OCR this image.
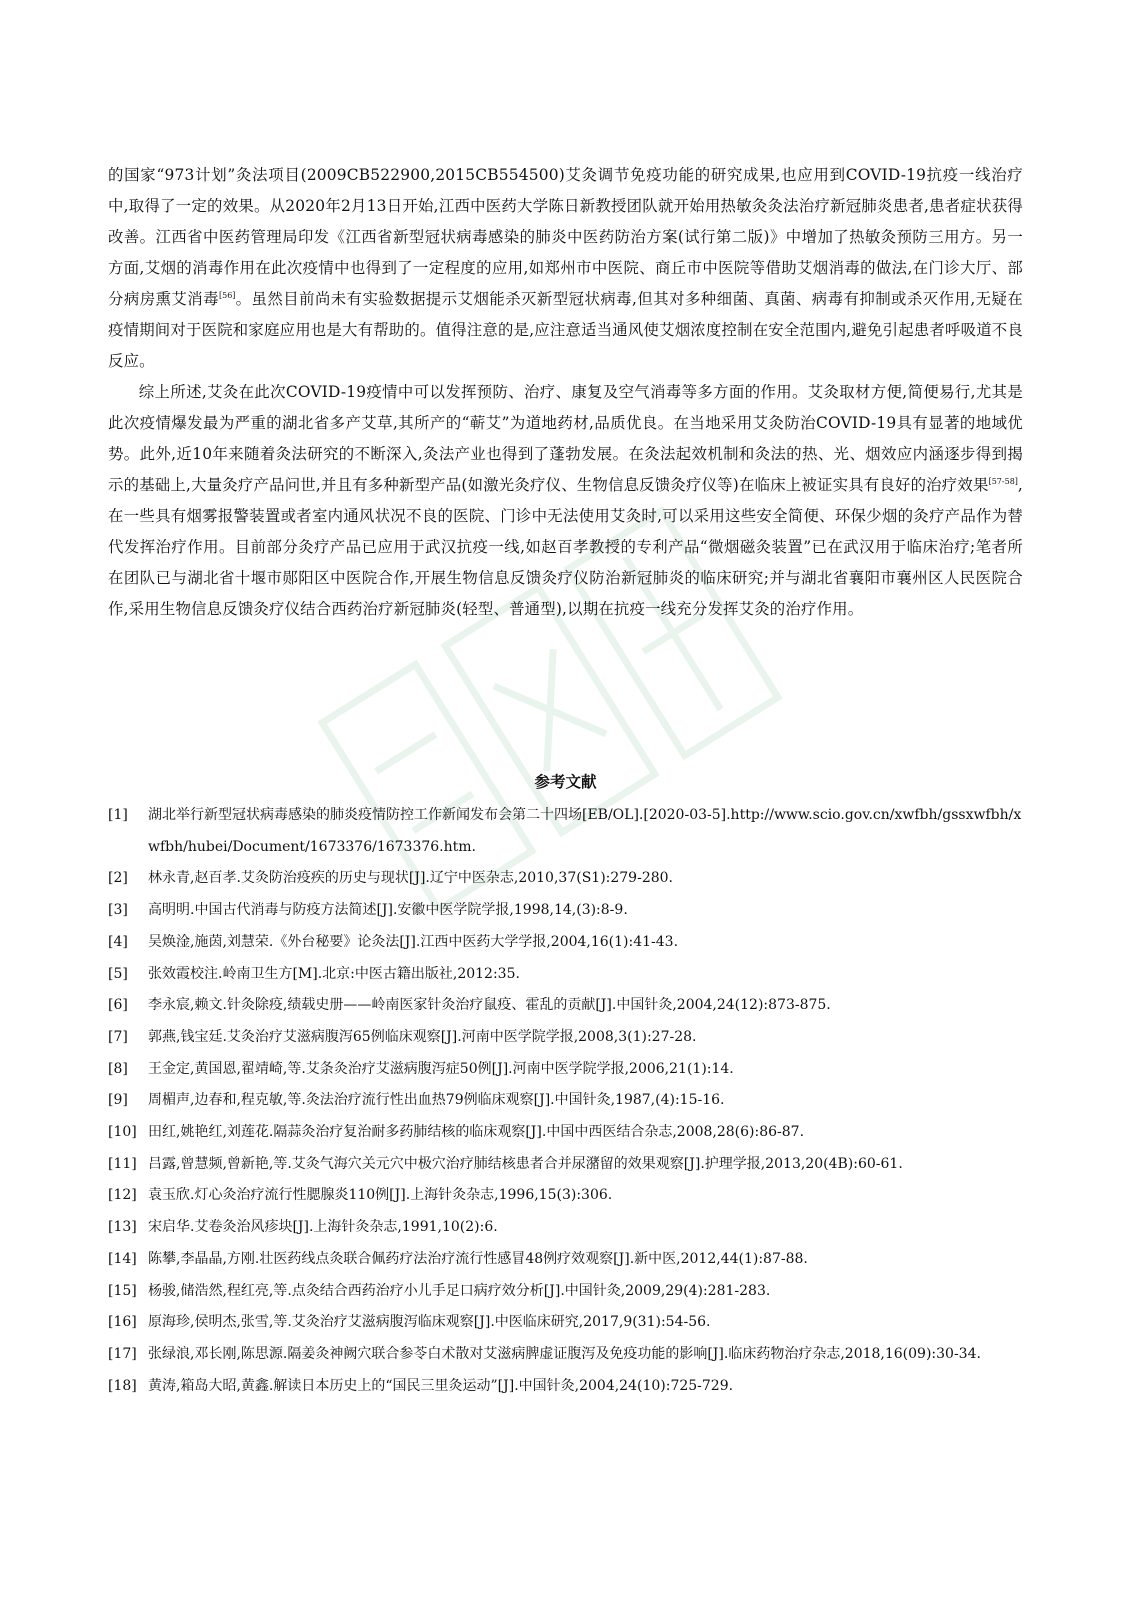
的国家“973计划”灸法项目(2009CB522900,2015CB554500)艾灸调节免疫功能的研究成果,也应用到COVID-19抗疫一线治疗中,取得了一定的效果。从2020年2月13日开始,江西中医药大学陈日新教授团队就开始用热敏灸灸法治疗新冠肺炎患者,患者症状获得改善。江西省中医药管理局印发《江西省新型冠状病毒感染的肺炎中医药防治方案(试行第二版)》中增加了热敏灸预防三用方。另一方面,艾烟的消毒作用在此次疫情中也得到了一定程度的应用,如郑州市中医院、商丘市中医院等借助艾烟消毒的做法,在门诊大厅、部分病房熏艾消毒[56]。虽然目前尚未有实验数据提示艾烟能杀灭新型冠状病毒,但其对多种细菌、真菌、病毒有抑制或杀灭作用,无疑在疫情期间对于医院和家庭应用也是大有帮助的。值得注意的是,应注意适当通风使艾烟浓度控制在安全范围内,避免引起患者呼吸道不良反应。

综上所述,艾灸在此次COVID-19疫情中可以发挥预防、治疗、康复及空气消毒等多方面的作用。艾灸取材方便,简便易行,尤其是此次疫情爆发最为严重的湖北省多产艾草,其所产的“蕲艾”为道地药材,品质优良。在当地采用艾灸防治COVID-19具有显著的地域优势。此外,近10年来随着灸法研究的不断深入,灸法产业也得到了蓬勃发展。在灸法起效机制和灸法的热、光、烟效应内涵逐步得到揭示的基础上,大量灸疗产品问世,并且有多种新型产品(如激光灸疗仪、生物信息反馈灸疗仪等)在临床上被证实具有良好的治疗效果[57-58],在一些具有烟雾报警装置或者室内通风状况不良的医院、门诊中无法使用艾灸时,可以采用这些安全简便、环保少烟的灸疗产品作为替代发挥治疗作用。目前部分灸疗产品已应用于武汉抗疫一线,如赵百孝教授的专利产品“微烟磁灸装置”已在武汉用于临床治疗;笔者所在团队已与湖北省十堰市郧阳区中医院合作,开展生物信息反馈灸疗仪防治新冠肺炎的临床研究;并与湖北省襄阳市襄州区人民医院合作,采用生物信息反馈灸疗仪结合西药治疗新冠肺炎(轻型、普通型),以期在抗疫一线充分发挥艾灸的治疗作用。

参考文献
[1]	湖北举行新型冠状病毒感染的肺炎疫情防控工作新闻发布会第二十四场[EB/OL].[2020-03-5].http://www.scio.gov.cn/xwfbh/gssxwfbh/xwfbh/hubei/Document/1673376/1673376.htm.
[2]	林永青,赵百孝.艾灸防治疫疾的历史与现状[J].辽宁中医杂志,2010,37(S1):279-280.
[3]	高明明.中国古代消毒与防疫方法简述[J].安徽中医学院学报,1998,14,(3):8-9.
[4]	吴焕淦,施茵,刘慧荣.《外台秘要》论灸法[J].江西中医药大学学报,2004,16(1):41-43.
[5]	张效霞校注.岭南卫生方[M].北京:中医古籍出版社,2012:35.
[6]	李永宸,赖文.针灸除疫,绩载史册——岭南医家针灸治疗鼠疫、霍乱的贡献[J].中国针灸,2004,24(12):873-875.
[7]	郭燕,钱宝廷.艾灸治疗艾滋病腹泻65例临床观察[J].河南中医学院学报,2008,3(1):27-28.
[8]	王金定,黄国恩,翟靖崎,等.艾条灸治疗艾滋病腹泻症50例[J].河南中医学院学报,2006,21(1):14.
[9]	周楣声,边春和,程克敏,等.灸法治疗流行性出血热79例临床观察[J].中国针灸,1987,(4):15-16.
[10] 田红,姚艳红,刘莲花.隔蒜灸治疗复治耐多药肺结核的临床观察[J].中国中西医结合杂志,2008,28(6):86-87.
[11] 吕露,曾慧频,曾新艳,等.艾灸气海穴关元穴中极穴治疗肺结核患者合并尿潴留的效果观察[J].护理学报,2013,20(4B):60-61.
[12] 袁玉欣.灯心灸治疗流行性腮腺炎110例[J].上海针灸杂志,1996,15(3):306.
[13] 宋启华.艾卷灸治风疹块[J].上海针灸杂志,1991,10(2):6.
[14] 陈攀,李晶晶,方刚.壮医药线点灸联合佩药疗法治疗流行性感冒48例疗效观察[J].新中医,2012,44(1):87-88.
[15] 杨骏,储浩然,程红亮,等.点灸结合西药治疗小儿手足口病疗效分析[J].中国针灸,2009,29(4):281-283.
[16] 原海珍,侯明杰,张雪,等.艾灸治疗艾滋病腹泻临床观察[J].中医临床研究,2017,9(31):54-56.
[17] 张绿浪,邓长刚,陈思源.隔姜灸神阙穴联合参苓白术散对艾滋病脾虚证腹泻及免疫功能的影响[J].临床药物治疗杂志,2018,16(09):30-34.
[18] 黄涛,箱岛大昭,黄鑫.解读日本历史上的“国民三里灸运动”[J].中国针灸,2004,24(10):725-729.
